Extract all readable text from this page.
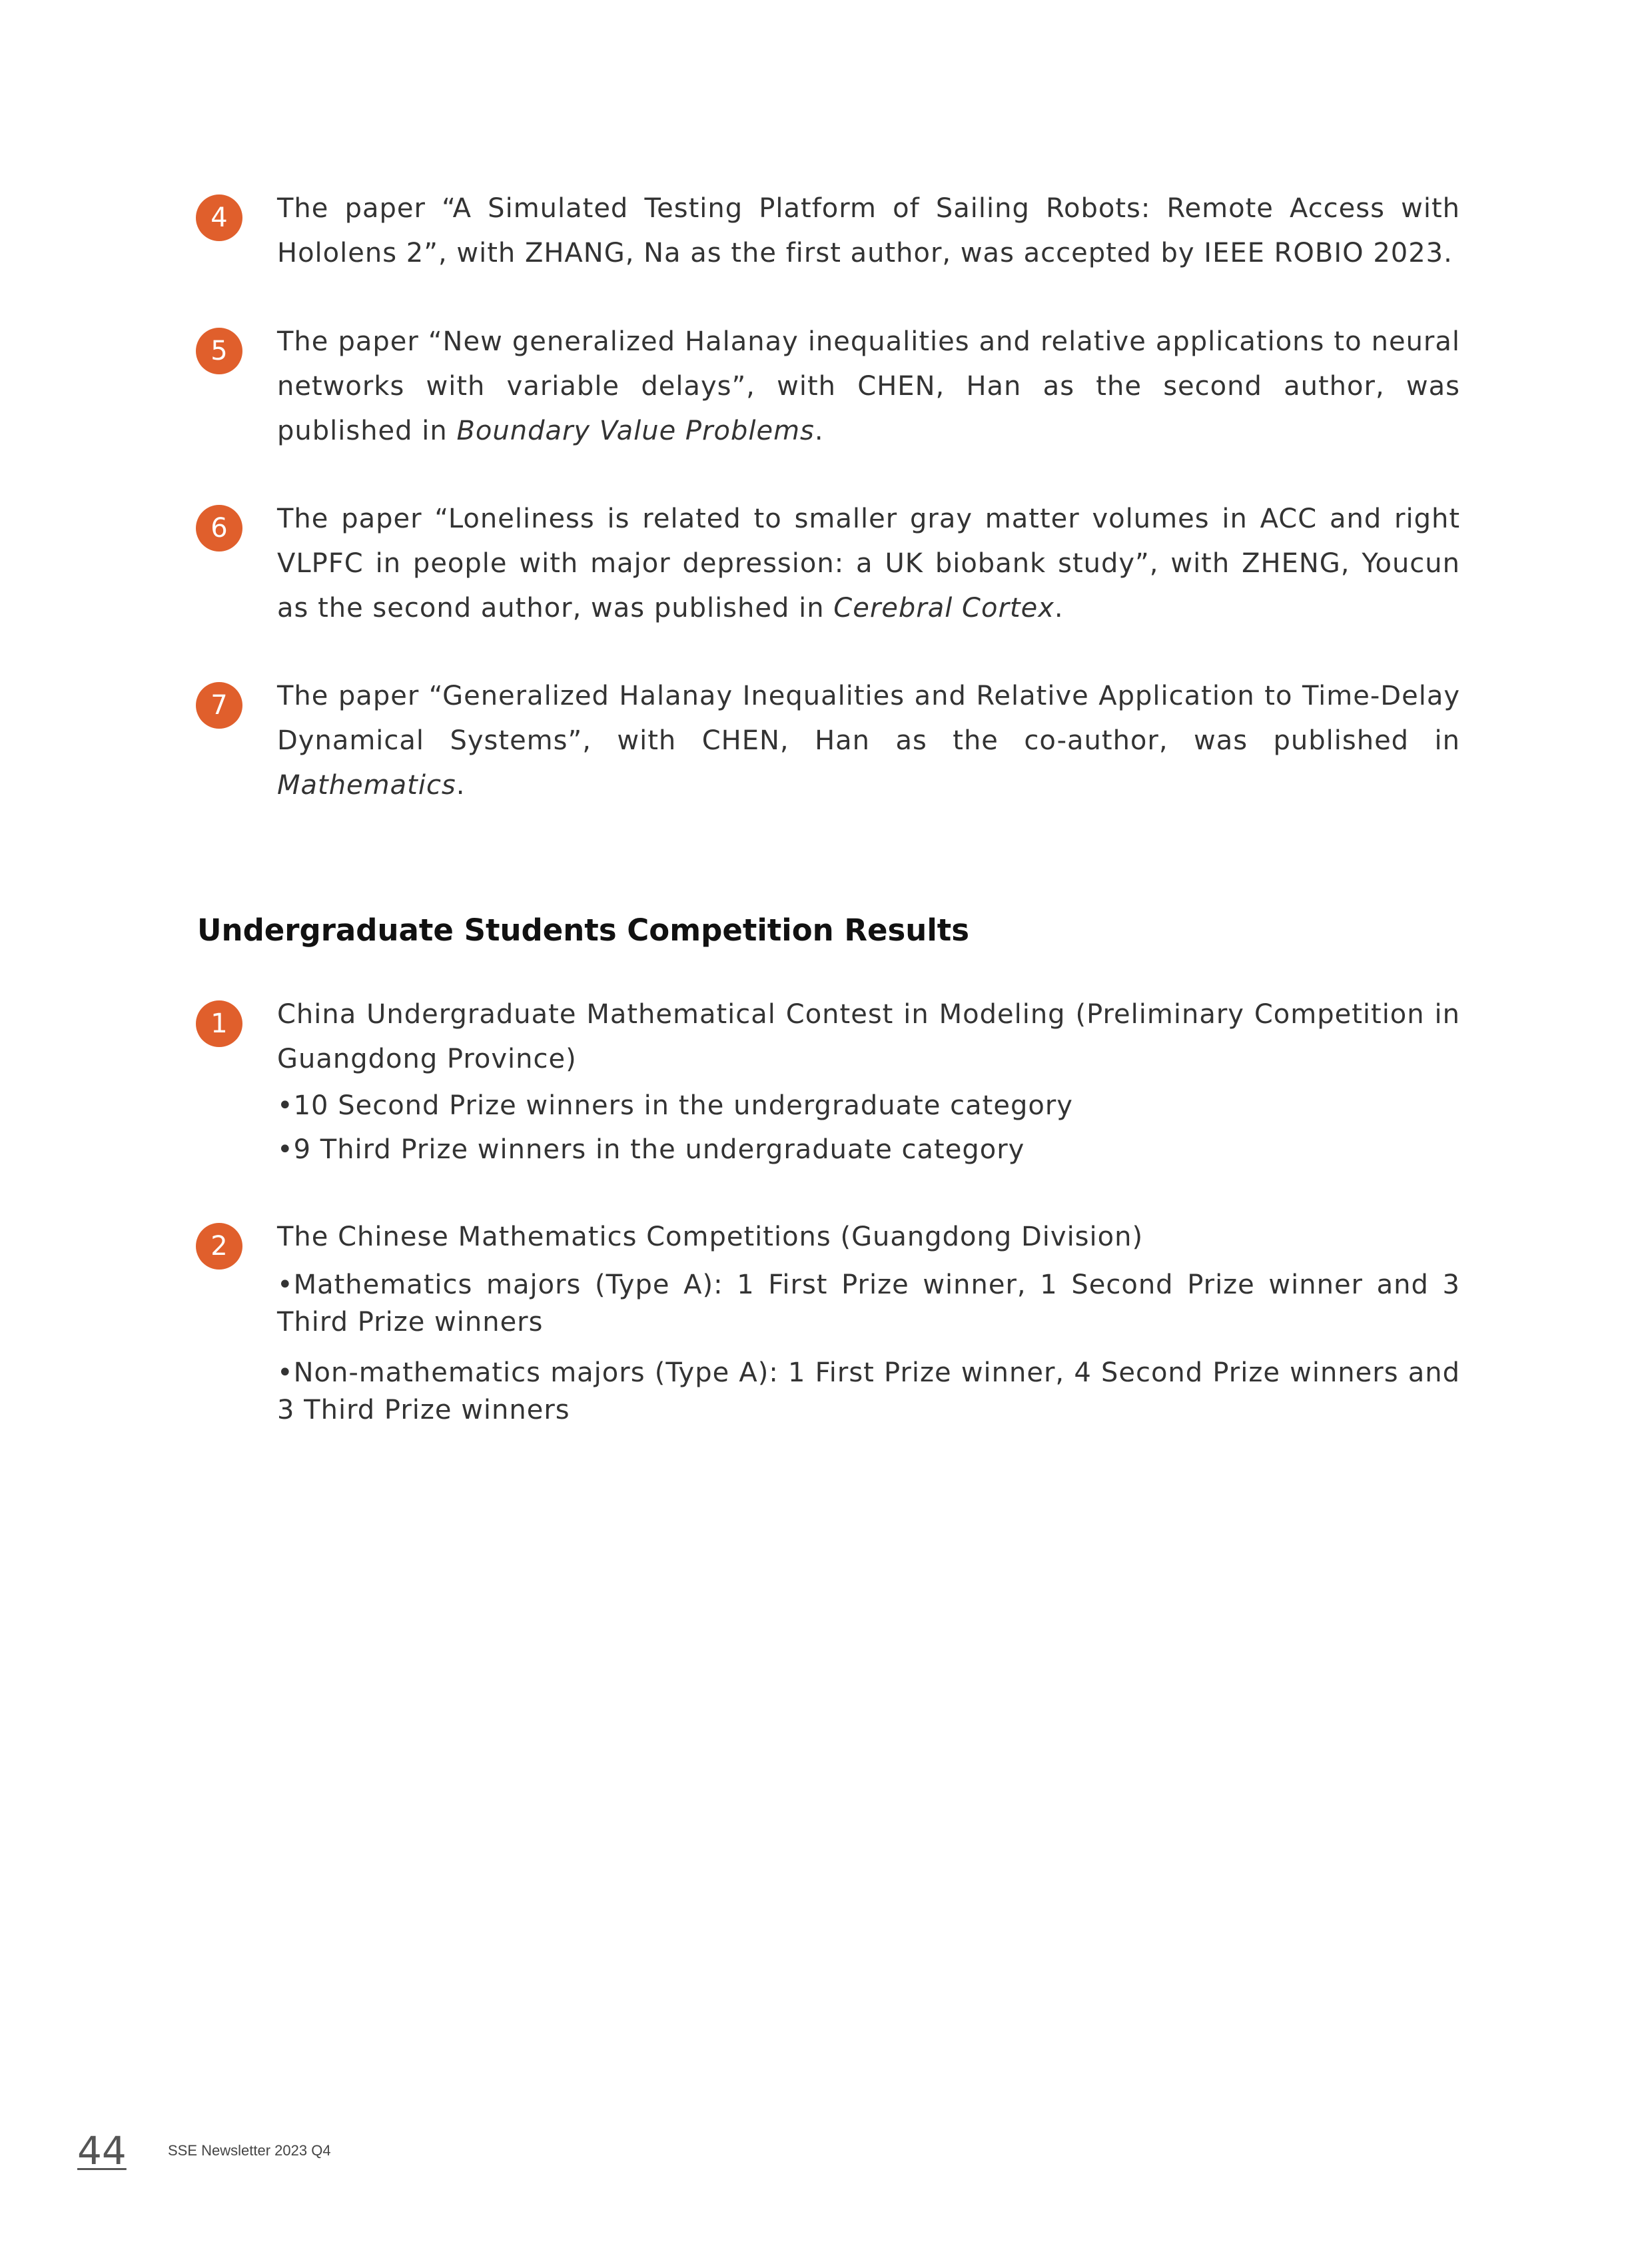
4	The paper “A Simulated Testing Platform of Sailing Robots: Remote Access with Hololens 2”, with ZHANG, Na as the first author, was accepted by IEEE ROBIO 2023.
5	The paper “New generalized Halanay inequalities and relative applications to neural networks with variable delays”, with CHEN, Han as the second author, was published in Boundary Value Problems.
6	The paper “Loneliness is related to smaller gray matter volumes in ACC and right VLPFC in people with major depression: a UK biobank study”, with ZHENG, Youcun as the second author, was published in Cerebral Cortex.
7	The paper “Generalized Halanay Inequalities and Relative Application to Time-Delay Dynamical Systems”, with CHEN, Han as the co-author, was published in Mathematics.
Undergraduate Students Competition Results
1	China Undergraduate Mathematical Contest in Modeling (Preliminary Competition in Guangdong Province)
•10 Second Prize winners in the undergraduate category
•9 Third Prize winners in the undergraduate category
2	The Chinese Mathematics Competitions (Guangdong Division)
•Mathematics majors (Type A): 1 First Prize winner, 1 Second Prize winner and 3 Third Prize winners
•Non-mathematics majors (Type A): 1 First Prize winner, 4 Second Prize winners and 3 Third Prize winners
44	SSE Newsletter 2023 Q4
